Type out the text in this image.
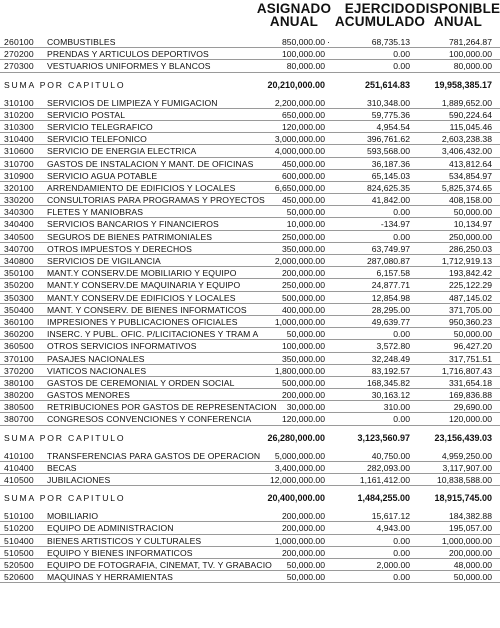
ASIGNADO
ANUAL
EJERCIDO
ACUMULADO
DISPONIBLE
ANUAL
260100 COMBUSTIBLES	850,000.00	68,735.13	781,264.87
·
270200 PRENDAS Y ARTICULOS DEPORTIVOS	100,000.00	0.00	100,000.00
270300 VESTUARIOS UNIFORMES Y BLANCOS	80,000.00	0.00	80,000.00
SUMA POR CAPITULO	20,210,000.00	251,614.83	19,958,385.17
310100 SERVICIOS DE LIMPIEZA Y FUMIGACION	2,200,000.00	310,348.00	1,889,652.00
310200 SERVICIO POSTAL	650,000.00	59,775.36	590,224.64
310300 SERVICIO TELEGRAFICO	120,000.00	4,954.54	115,045.46
310400 SERVICIO TELEFONICO	3,000,000.00	396,761.62	2,603,238.38
310600 SERVICIO DE ENERGIA ELECTRICA	4,000,000.00	593,568.00	3,406,432.00
310700 GASTOS DE INSTALACION Y MANT. DE OFICINAS	450,000.00	36,187.36	413,812.64
310900 SERVICIO AGUA POTABLE	600,000.00	65,145.03	534,854.97
320100 ARRENDAMIENTO DE EDIFICIOS Y LOCALES	6,650,000.00	824,625.35	5,825,374.65
330200 CONSULTORIAS PARA PROGRAMAS Y PROYECTOS 450,000.00	41,842.00	408,158.00
340300 FLETES Y MANIOBRAS	50,000.00	0.00	50,000.00
340400 SERVICIOS BANCARIOS Y FINANCIEROS	10,000.00	-134.97	10,134.97
340500 SEGUROS DE BIENES PATRIMONIALES	250,000.00	0.00	250,000.00
340700 OTROS IMPUESTOS Y DERECHOS	350,000.00	63,749.97	286,250.03
340800 SERVICIOS DE VIGILANCIA	2,000,000.00	287,080.87	1,712,919.13
350100 MANT.Y CONSERV.DE MOBILIARIO Y EQUIPO	200,000.00	6,157.58	193,842.42
350200 MANT.Y CONSERV.DE MAQUINARIA Y EQUIPO	250,000.00	24,877.71	225,122.29
350300 MANT.Y CONSERV.DE EDIFICIOS Y LOCALES	500,000.00	12,854.98	487,145.02
350400 MANT. Y CONSERV. DE BIENES INFORMATICOS	400,000.00	28,295.00	371,705.00
360100 IMPRESIONES Y PUBLICACIONES OFICIALES	1,000,000.00	49,639.77	950,360.23
360200 INSERC. Y PUBL. OFIC. P/LICITACIONES Y TRAM A	50,000.00	0.00	50,000.00
360500 OTROS SERVICIOS INFORMATIVOS	100,000.00	3,572.80	96,427.20
370100 PASAJES NACIONALES	350,000.00	32,248.49	317,751.51
370200 VIATICOS NACIONALES	1,800,000.00	83,192.57	1,716,807.43
380100 GASTOS DE CEREMONIAL Y ORDEN SOCIAL	500,000.00	168,345.82	331,654.18
380200 GASTOS MENORES	200,000.00	30,163.12	169,836.88
380500 RETRIBUCIONES POR GASTOS DE REPRESENTACION 30,000.00	310.00	29,690.00
380700 CONGRESOS CONVENCIONES Y CONFERENCIA	120,000.00	0.00	120,000.00
SUMA POR CAPITULO	26,280,000.00	3,123,560.97	23,156,439.03
410100 TRANSFERENCIAS PARA GASTOS DE OPERACION 5,000,000.00	40,750.00	4,959,250.00
410400 BECAS	3,400,000.00	282,093.00	3,117,907.00
410500 JUBILACIONES	12,000,000.00	1,161,412.00	10,838,588.00
SUMA POR CAPITULO	20,400,000.00	1,484,255.00	18,915,745.00
510100 MOBILIARIO	200,000.00	15,617.12	184,382.88
510200 EQUIPO DE ADMINISTRACION	200,000.00	4,943.00	195,057.00
510400 BIENES ARTISTICOS Y CULTURALES	1,000,000.00	0.00	1,000,000.00
510500 EQUIPO Y BIENES INFORMATICOS	200,000.00	0.00	200,000.00
520500 EQUIPO DE FOTOGRAFIA, CINEMAT, TV. Y GRABACIO 50,000.00	2,000.00	48,000.00
520600 MAQUINAS Y HERRAMIENTAS	50,000.00	0.00	50,000.00
